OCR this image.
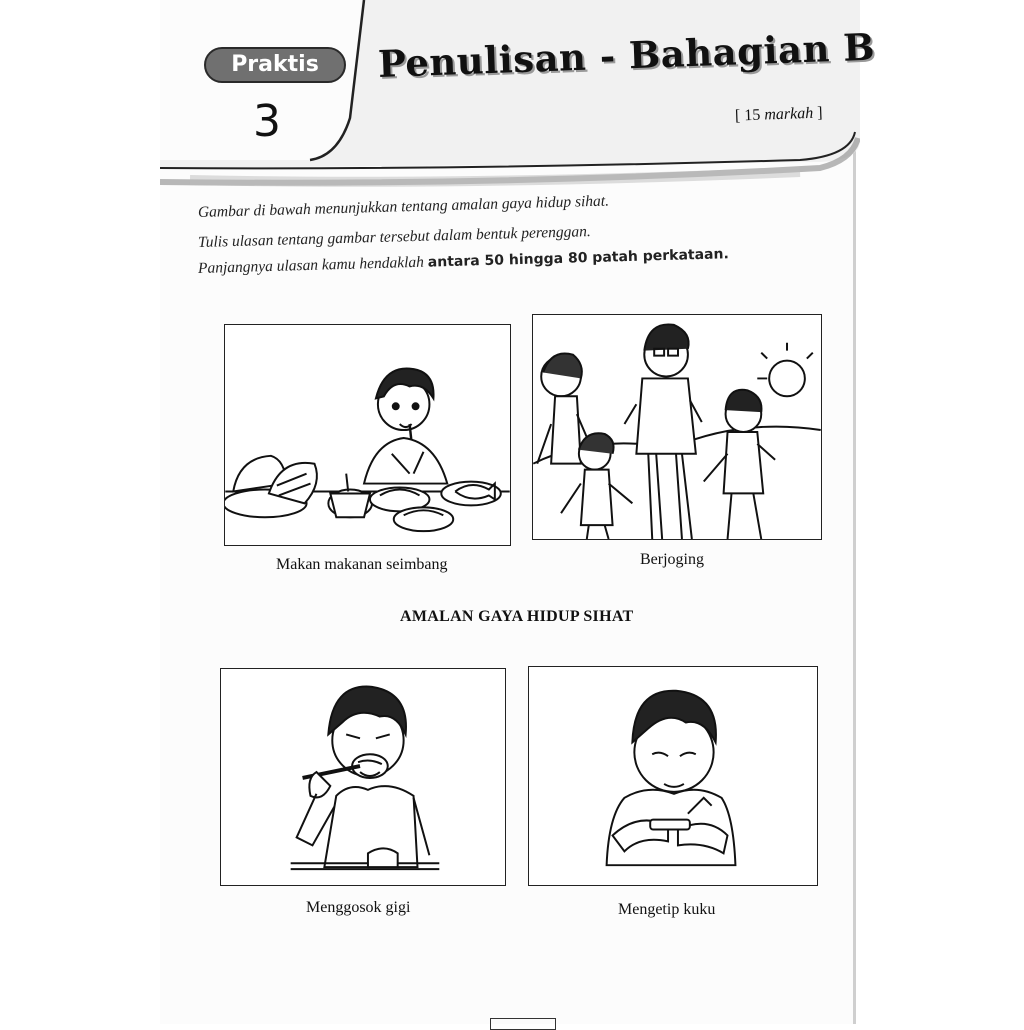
Praktis
3
Penulisan - Bahagian B
[ 15 markah ]
Gambar di bawah menunjukkan tentang amalan gaya hidup sihat.
Tulis ulasan tentang gambar tersebut dalam bentuk perenggan.
Panjangnya ulasan kamu hendaklah antara 50 hingga 80 patah perkataan.
Makan makanan seimbang	Berjoging
AMALAN GAYA HIDUP SIHAT
Menggosok gigi	Mengetip kuku
